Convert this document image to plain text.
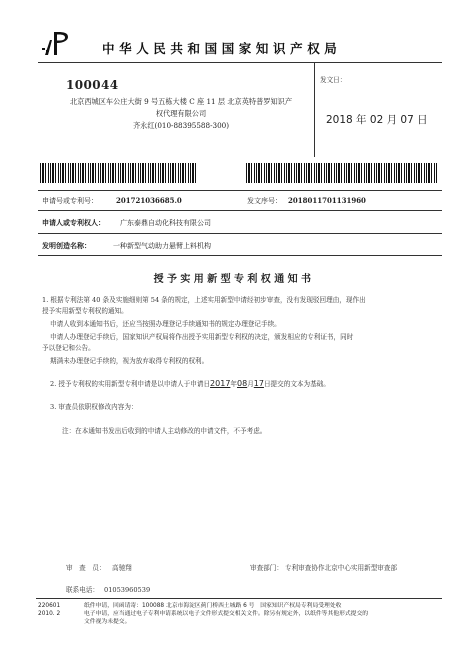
中华人民共和国国家知识产权局
100044
北京西城区车公庄大街 9 号五栋大楼 C 座 11 层 北京英特普罗知识产
权代理有限公司
齐永红(010-88395588-300)
发文日：
2018 年 02 月 07 日
申请号或专利号：	201721036685.0	发文序号： 2018011701131960
申请人或专利权人： 广东泰鼎自动化科技有限公司
发明创造名称：	一种新型气动助力悬臂上料机构
授予实用新型专利权通知书
1. 根据专利法第 40 条及实施细则第 54 条的规定，上述实用新型申请经初步审查，没有发现驳回理由，现作出
授予实用新型专利权的通知。
申请人收到本通知书后，还应当按照办理登记手续通知书的规定办理登记手续。
申请人办理登记手续后，国家知识产权局将作出授予实用新型专利权的决定，颁发相应的专利证书，同时
予以登记和公告。
期满未办理登记手续的，视为放弃取得专利权的权利。
2. 授予专利权的实用新型专利申请是以申请人于申请日2017年08月17日提交的文本为基础。
3. 审查员依职权修改内容为：
注：在本通知书发出后收到的申请人主动修改的申请文件，不予考虑。
审　查　员： 高驰翔	审查部门： 专利审查协作北京中心实用新型审查部
联系电话： 01053960539
220601
2010. 2
纸件申请，回函请寄：100088 北京市海淀区蓟门桥西土城路 6 号　国家知识产权局专利局受理处收
电子申请，应当通过电子专利申请系统以电子文件形式提交相关文件。除另有规定外，以纸件等其他形式提交的
文件视为未提交。
